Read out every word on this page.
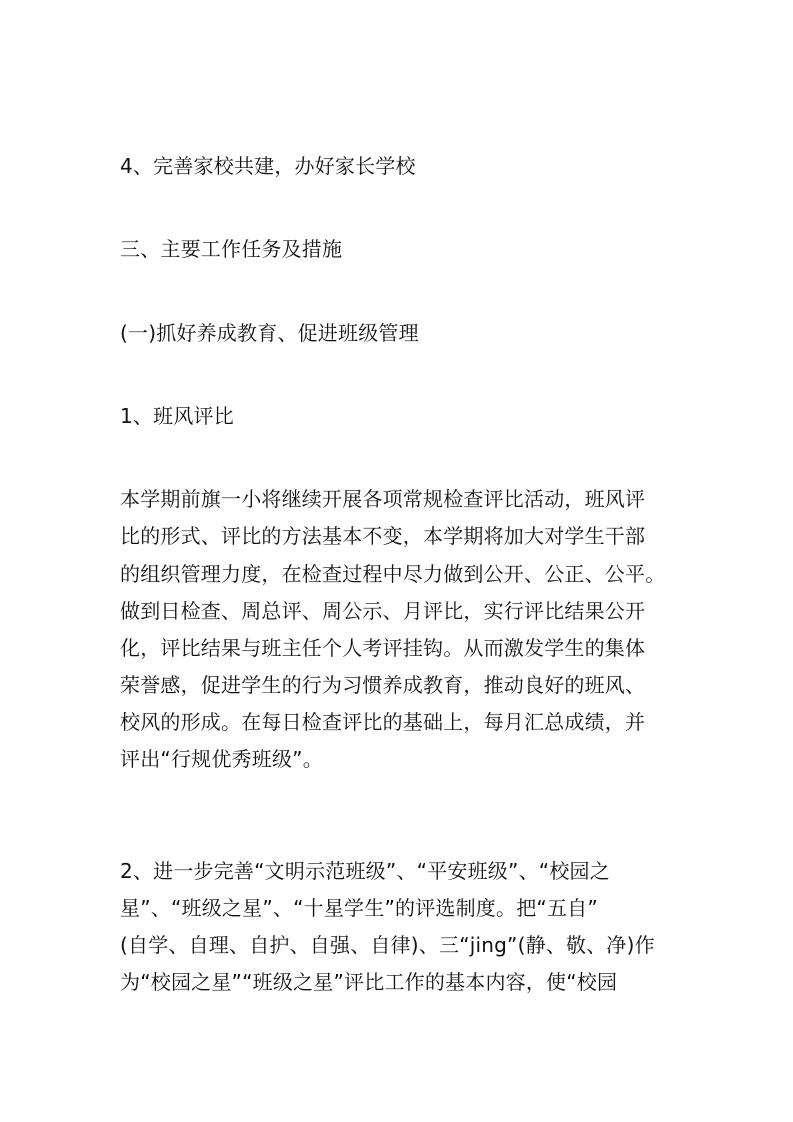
4、完善家校共建，办好家长学校
三、主要工作任务及措施
(一)抓好养成教育、促进班级管理
1、班风评比
本学期前旗一小将继续开展各项常规检查评比活动，班风评
比的形式、评比的方法基本不变，本学期将加大对学生干部
的组织管理力度，在检查过程中尽力做到公开、公正、公平。
做到日检查、周总评、周公示、月评比，实行评比结果公开
化，评比结果与班主任个人考评挂钩。从而激发学生的集体
荣誉感，促进学生的行为习惯养成教育，推动良好的班风、
校风的形成。在每日检查评比的基础上，每月汇总成绩，并
评出“行规优秀班级”。
2、进一步完善“文明示范班级”、“平安班级”、“校园之
星”、“班级之星”、“十星学生”的评选制度。把“五自”
(自学、自理、自护、自强、自律)、三“jing”(静、敬、净)作
为“校园之星”“班级之星”评比工作的基本内容，使“校园
